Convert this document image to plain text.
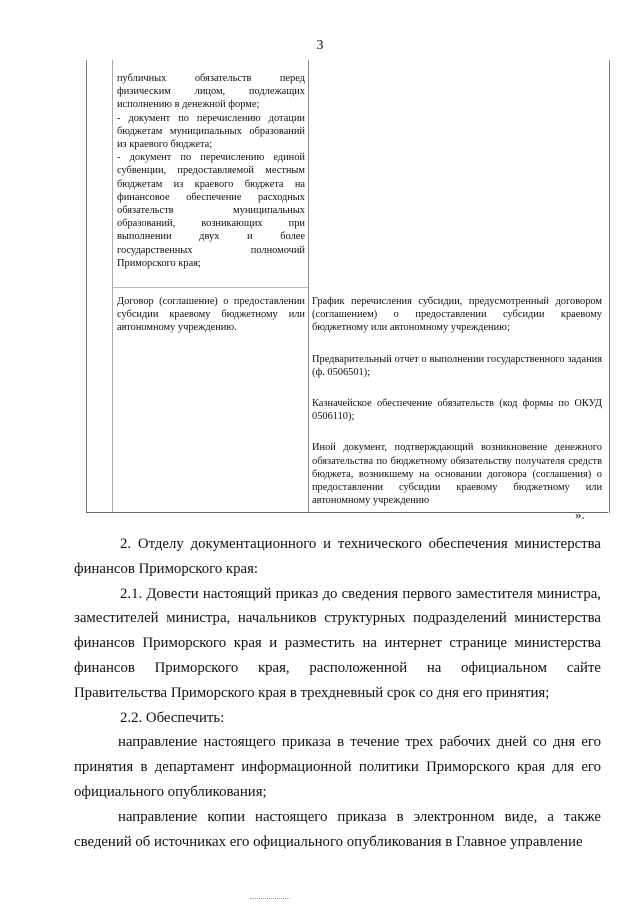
3

публичных обязательств перед физическим лицом, подлежащих исполнению в денежной форме;

- документ по перечислению дотации бюджетам муниципальных образований из краевого бюджета;

- документ по перечислению единой субвенции, предоставляемой местным бюджетам из краевого бюджета на финансовое обеспечение расходных обязательств муниципальных образований, возникающих при выполнении двух и более государственных полномочий Приморского края;

Договор (соглашение) о предоставлении субсидии краевому бюджетному или автономному учреждению.

График перечисления субсидии, предусмотренный договором (соглашением) о предоставлении субсидии краевому бюджетному или автономному учреждению;

Предварительный отчет о выполнении государственного задания (ф. 0506501);

Казначейское обеспечение обязательств (код формы по ОКУД 0506110);

Иной документ, подтверждающий возникновение денежного обязательства по бюджетному обязательству получателя средств бюджета, возникшему на основании договора (соглашения) о предоставлении субсидии краевому бюджетному или автономному учреждению

».

2. Отделу документационного и технического обеспечения министерства финансов Приморского края:

2.1. Довести настоящий приказ до сведения первого заместителя министра, заместителей министра, начальников структурных подразделений министерства финансов Приморского края и разместить на интернет странице министерства финансов Приморского края, расположенной на официальном сайте Правительства Приморского края в трехдневный срок со дня его принятия;

2.2. Обеспечить:

направление настоящего приказа в течение трех рабочих дней со дня его принятия в департамент информационной политики Приморского края для его официального опубликования;

направление копии настоящего приказа в электронном виде, а также сведений об источниках его официального опубликования в Главное управление
